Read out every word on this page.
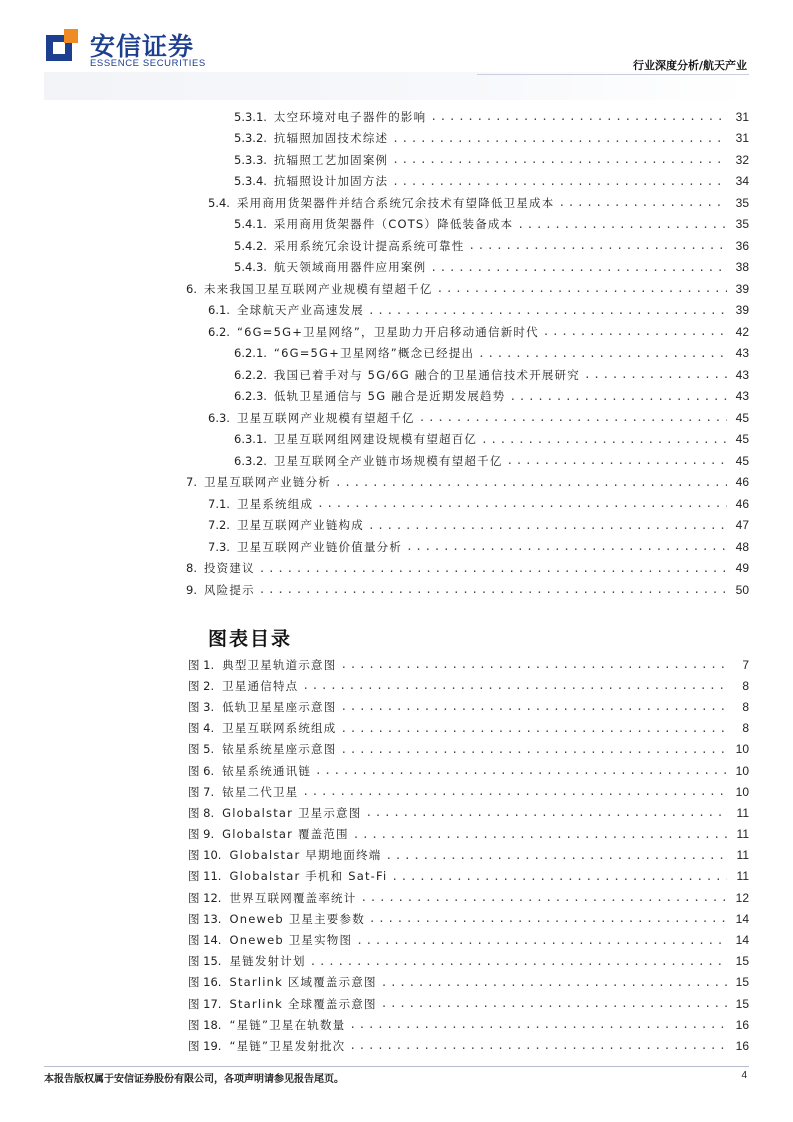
安信证券
ESSENCE SECURITIES	行业深度分析/航天产业
5.3.1. 太空环境对电子器件的影响 . . .	31
5.3.2. 抗辐照加固技术综述 . . .	31
5.3.3. 抗辐照工艺加固案例 . . .	32
5.3.4. 抗辐照设计加固方法 . . .	34
5.4. 采用商用货架器件并结合系统冗余技术有望降低卫星成本 . . .	35
5.4.1. 采用商用货架器件（COTS）降低装备成本 . . .	35
5.4.2. 采用系统冗余设计提高系统可靠性 . . .	36
5.4.3. 航天领域商用器件应用案例 . . .	38
6. 未来我国卫星互联网产业规模有望超千亿 . . .	39
6.1. 全球航天产业高速发展 . . .	39
6.2. “6G=5G+卫星网络”，卫星助力开启移动通信新时代 . . .	42
6.2.1. “6G=5G+卫星网络”概念已经提出 . . .	43
6.2.2. 我国已着手对与 5G/6G 融合的卫星通信技术开展研究 . . .	43
6.2.3. 低轨卫星通信与 5G 融合是近期发展趋势 . . .	43
6.3. 卫星互联网产业规模有望超千亿 . . .	45
6.3.1. 卫星互联网组网建设规模有望超百亿 . . .	45
6.3.2. 卫星互联网全产业链市场规模有望超千亿 . . .	45
7. 卫星互联网产业链分析 . . .	46
7.1. 卫星系统组成 . . .	46
7.2. 卫星互联网产业链构成 . . .	47
7.3. 卫星互联网产业链价值量分析 . . .	48
8. 投资建议 . . .	49
9. 风险提示 . . .	50
图表目录
图 1. 典型卫星轨道示意图 . . .	7
图 2. 卫星通信特点 . . .	8
图 3. 低轨卫星星座示意图 . . .	8
图 4. 卫星互联网系统组成 . . .	8
图 5. 铱星系统星座示意图 . . .	10
图 6. 铱星系统通讯链 . . .	10
图 7. 铱星二代卫星 . . .	10
图 8. Globalstar 卫星示意图 . . .	11
图 9. Globalstar 覆盖范围 . . .	11
图 10. Globalstar 早期地面终端 . . .	11
图 11. Globalstar 手机和 Sat-Fi . . .	11
图 12. 世界互联网覆盖率统计 . . .	12
图 13. Oneweb 卫星主要参数 . . .	14
图 14. Oneweb 卫星实物图 . . .	14
图 15. 星链发射计划 . . .	15
图 16. Starlink 区域覆盖示意图 . . .	15
图 17. Starlink 全球覆盖示意图 . . .	15
图 18. “星链”卫星在轨数量 . . .	16
图 19. “星链”卫星发射批次 . . .	16
本报告版权属于安信证券股份有限公司，各项声明请参见报告尾页。	4
